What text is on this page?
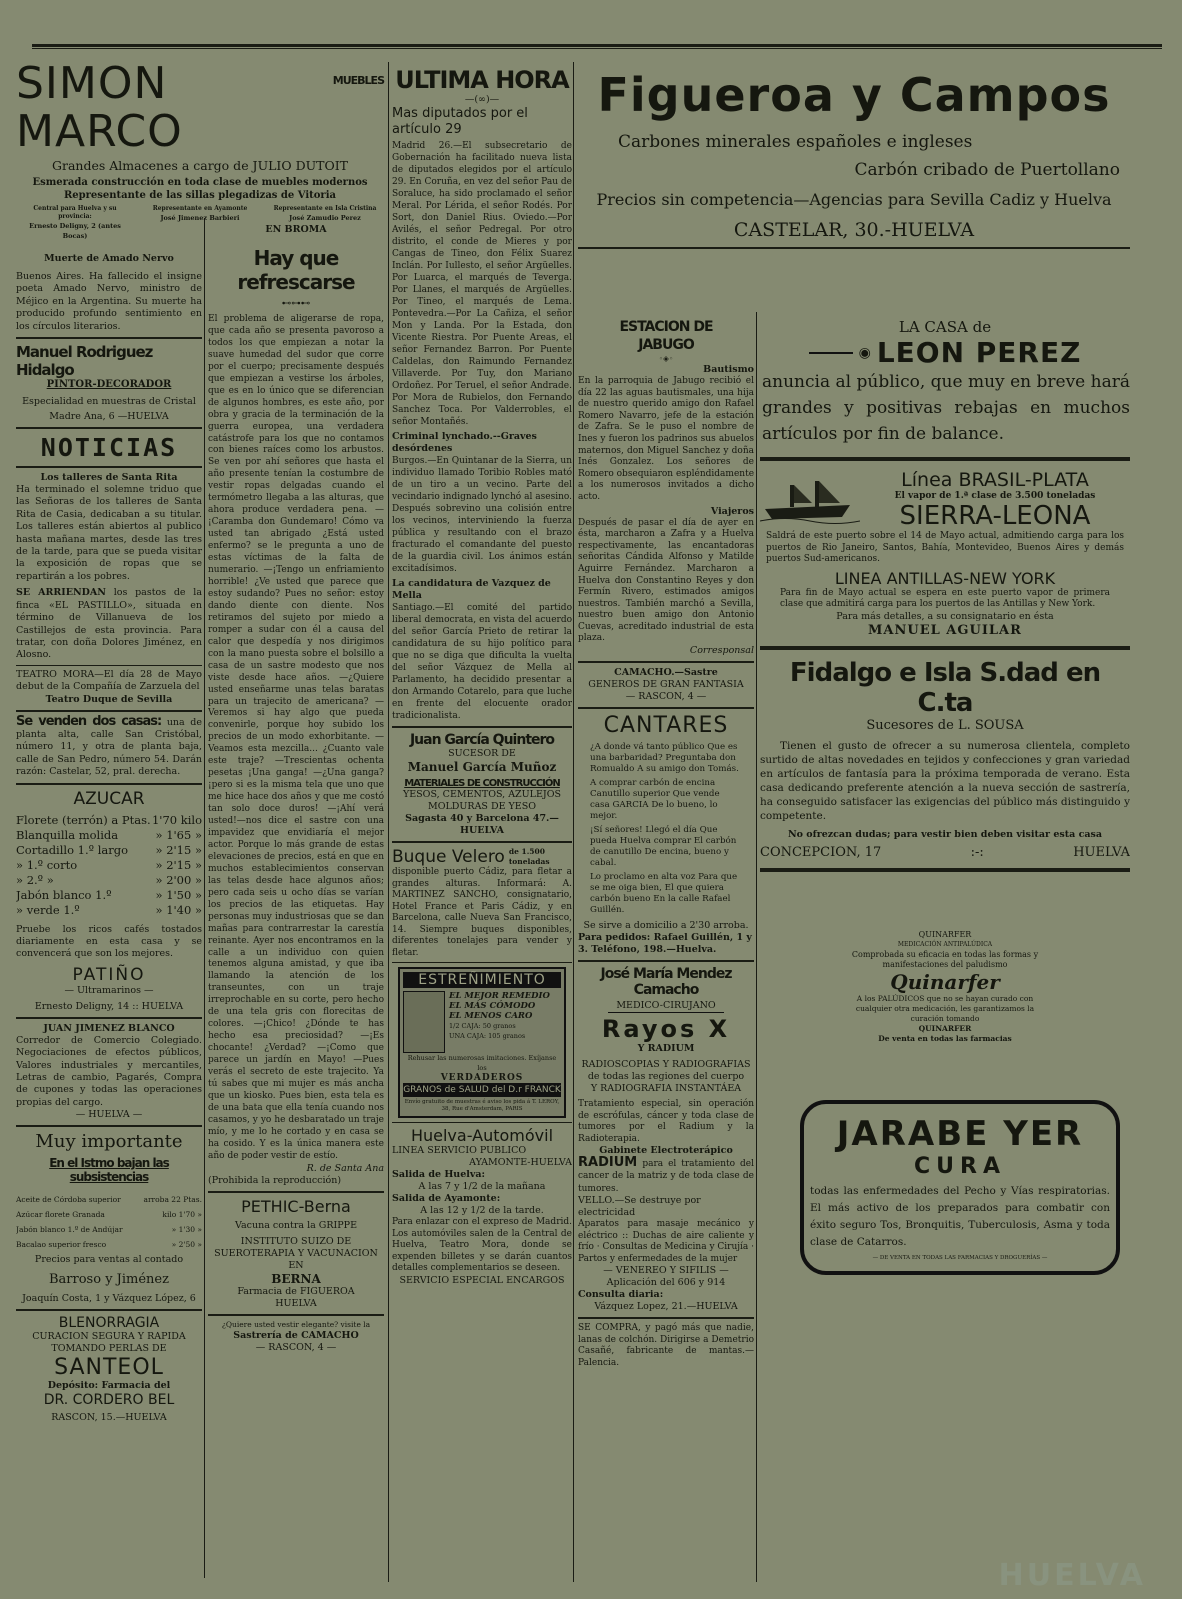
SIMON MARCO
MUEBLES
Grandes Almacenes a cargo de JULIO DUTOIT
Esmerada construcción en toda clase de muebles modernos
Representante de las sillas plegadizas de Vitoria
Central para Huelva y su provincia:
Ernesto Deligny, 2 (antes Bocas)
Representante en Ayamonte
José Jimenez Barbieri
Representante en Isla Cristina
José Zamudio Perez
Muerte de Amado Nervo
Buenos Aires. Ha fallecido el insigne poeta Amado Nervo, ministro de Méjico en la Argentina. Su muerte ha producido profundo sentimiento en los círculos literarios.
Manuel Rodriguez Hidalgo
PINTOR-DECORADOR
Especialidad en muestras de Cristal
Madre Ana, 6 —HUELVA
NOTICIAS
Los talleres de Santa Rita
Ha terminado el solemne triduo que las Señoras de los talleres de Santa Rita de Casia, dedicaban a su titular. Los talleres están abiertos al publico hasta mañana martes, desde las tres de la tarde, para que se pueda visitar la exposición de ropas que se repartirán a los pobres.
SE ARRIENDAN los pastos de la finca «EL PASTILLO», situada en término de Villanueva de los Castillejos de esta provincia. Para tratar, con doña Dolores Jiménez, en Alosno.
TEATRO MORA—El día 28 de Mayo debut de la Compañía de Zarzuela del
Teatro Duque de Sevilla
Se venden dos casas: una de planta alta, calle San Cristóbal, número 11, y otra de planta baja, calle de San Pedro, número 54. Darán razón: Castelar, 52, pral. derecha.
AZUCAR
Florete (terrón) a Ptas. 1'70 kilo
Blanquilla molida	» 1'65 »
Cortadillo 1.º largo » 2'15 »
» 1.º corto	» 2'15 »
» 2.º »	» 2'00 »
Jabón blanco 1.º	» 1'50 »
» verde 1.º	» 1'40 »
Pruebe los ricos cafés tostados diariamente en esta casa y se convencerá que son los mejores.
PATIÑO
— Ultramarinos —
Ernesto Deligny, 14 :: HUELVA
JUAN JIMENEZ BLANCO
Corredor de Comercio Colegiado. Negociaciones de efectos públicos, Valores industriales y mercantiles, Letras de cambio, Pagarés, Compra de cupones y todas las operaciones propias del cargo.
— HUELVA —
Muy importante
En el Istmo bajan las subsistencias
Aceite de Córdoba superior	arroba 22 Ptas.
Azúcar florete Granada	kilo 1'70 »
Jabón blanco 1.º de Andújar	» 1'30 »
Bacalao superior fresco	» 2'50 »
Precios para ventas al contado
Barroso y Jiménez
Joaquín Costa, 1 y Vázquez López, 6
BLENORRAGIA
CURACION SEGURA Y RAPIDA
TOMANDO PERLAS DE
SANTEOL
Depósito: Farmacia del
DR. CORDERO BEL
RASCON, 15.—HUELVA
EN BROMA
Hay que refrescarse
⊷⊶⊷
El problema de aligerarse de ropa, que cada año se presenta pavoroso a todos los que empiezan a notar la suave humedad del sudor que corre por el cuerpo; precisamente después que empiezan a vestirse los árboles, que es en lo único que se diferencian de algunos hombres, es este año, por obra y gracia de la terminación de la guerra europea, una verdadera catástrofe para los que no contamos con bienes raíces como los arbustos. Se ven por ahí señores que hasta el año presente tenían la costumbre de vestir ropas delgadas cuando el termómetro llegaba a las alturas, que ahora produce verdadera pena. —¡Caramba don Gundemaro! Cómo va usted tan abrigado ¿Está usted enfermo? se le pregunta a uno de estas víctimas de la falta de numerario. —¡Tengo un enfriamiento horrible! ¿Ve usted que parece que estoy sudando? Pues no señor: estoy dando diente con diente. Nos retiramos del sujeto por miedo a romper a sudar con él a causa del calor que despedía y nos dirigimos con la mano puesta sobre el bolsillo a casa de un sastre modesto que nos viste desde hace años. —¿Quiere usted enseñarme unas telas baratas para un trajecito de americana? —Veremos si hay algo que pueda convenirle, porque hoy subido los precios de un modo exhorbitante. —Veamos esta mezcilla... ¿Cuanto vale este traje? —Trescientas ochenta pesetas ¡Una ganga! —¿Una ganga? ¡pero si es la misma tela que uno que me hice hace dos años y que me costó tan solo doce duros! —¡Ahí verá usted!—nos dice el sastre con una impavidez que envidiaría el mejor actor. Porque lo más grande de estas elevaciones de precios, está en que en muchos establecimientos conservan las telas desde hace algunos años; pero cada seis u ocho días se varían los precios de las etiquetas. Hay personas muy industriosas que se dan mañas para contrarrestar la carestía reinante. Ayer nos encontramos en la calle a un individuo con quien tenemos alguna amistad, y que iba llamando la atención de los transeuntes, con un traje irreprochable en su corte, pero hecho de una tela gris con florecitas de colores. —¡Chico! ¿Dónde te has hecho esa preciosidad? —¡Es chocante! ¿Verdad? —¡Como que parece un jardín en Mayo! —Pues verás el secreto de este trajecito. Ya tú sabes que mi mujer es más ancha que un kiosko. Pues bien, esta tela es de una bata que ella tenía cuando nos casamos, y yo he desbaratado un traje mío, y me lo he cortado y en casa se ha cosido. Y es la única manera este año de poder vestir de estío.
R. de Santa Ana
(Prohibida la reproducción)
PETHIC-Berna
Vacuna contra la GRIPPE
INSTITUTO SUIZO DE SUEROTERAPIA Y VACUNACION EN
BERNA
Farmacia de FIGUEROA
HUELVA
¿Quiere usted vestir elegante? visite la
Sastrería de CAMACHO
— RASCON, 4 —
ULTIMA HORA
—(∞)—
Mas diputados por el artículo 29
Madrid 26.—El subsecretario de Gobernación ha facilitado nueva lista de diputados elegidos por el artículo 29. En Coruña, en vez del señor Pau de Soraluce, ha sido proclamado el señor Meral. Por Lérida, el señor Rodés. Por Sort, don Daniel Rius. Oviedo.—Por Avilés, el señor Pedregal. Por otro distrito, el conde de Mieres y por Cangas de Tineo, don Félix Suarez Inclán. Por Iullesto, el señor Argüelles. Por Luarca, el marqués de Teverga. Por Llanes, el marqués de Argüelles. Por Tineo, el marqués de Lema. Pontevedra.—Por La Cañiza, el señor Mon y Landa. Por la Estada, don Vicente Riestra. Por Puente Areas, el señor Fernandez Barron. Por Puente Caldelas, don Raimundo Fernandez Villaverde. Por Tuy, don Mariano Ordoñez. Por Teruel, el señor Andrade. Por Mora de Rubielos, don Fernando Sanchez Toca. Por Valderrobles, el señor Montañés.
Criminal lynchado.--Graves desórdenes
Burgos.—En Quintanar de la Sierra, un individuo llamado Toribio Robles mató de un tiro a un vecino. Parte del vecindario indignado lynchó al asesino. Después sobrevino una colisión entre los vecinos, interviniendo la fuerza pública y resultando con el brazo fracturado el comandante del puesto de la guardia civil. Los ánimos están excitadísimos.
La candidatura de Vazquez de Mella
Santiago.—El comité del partido liberal democrata, en vista del acuerdo del señor García Prieto de retirar la candidatura de su hijo político para que no se diga que dificulta la vuelta del señor Vázquez de Mella al Parlamento, ha decidido presentar a don Armando Cotarelo, para que luche en frente del elocuente orador tradicionalista.
Juan García Quintero
SUCESOR DE
Manuel García Muñoz
MATERIALES DE CONSTRUCCIÓN
YESOS, CEMENTOS, AZULEJOS
MOLDURAS DE YESO
Sagasta 40 y Barcelona 47.—HUELVA
Buque Velero de 1.500 toneladas
disponible puerto Cádiz, para fletar a grandes alturas. Informará: A. MARTINEZ SANCHO, consignatario, Hotel France et Paris Cádiz, y en Barcelona, calle Nueva San Francisco, 14. Siempre buques disponibles, diferentes tonelajes para vender y fletar.
ESTREÑIMIENTO
EL MEJOR REMEDIO
EL MÁS CÓMODO
EL MENOS CARO
1/2 CAJA: 50 granos
UNA CAJA: 105 granos
Rehusar las numerosas imitaciones. Exíjanse los
VERDADEROS
GRANOS de SALUD del D.r FRANCK
Envío gratuito de muestras é aviso los pida á T. LEROY, 38, Rue d'Amsterdam, PARIS
Huelva-Automóvil
LINEA SERVICIO PUBLICO
AYAMONTE-HUELVA
Salida de Huelva:
A las 7 y 1/2 de la mañana
Salida de Ayamonte:
A las 12 y 1/2 de la tarde.
Para enlazar con el expreso de Madrid. Los automóviles salen de la Central de Huelva, Teatro Mora, donde se expenden billetes y se darán cuantos detalles complementarios se deseen.
SERVICIO ESPECIAL ENCARGOS
Figueroa y Campos
Carbones minerales españoles e ingleses
Carbón cribado de Puertollano
Precios sin competencia—Agencias para Sevilla Cadiz y Huelva
CASTELAR, 30.-HUELVA
ESTACION DE JABUGO
◦◈◦
Bautismo
En la parroquia de Jabugo recibió el día 22 las aguas bautismales, una hija de nuestro querido amigo don Rafael Romero Navarro, jefe de la estación de Zafra. Se le puso el nombre de Ines y fueron los padrinos sus abuelos maternos, don Miguel Sanchez y doña Inés Gonzalez. Los señores de Romero obsequiaron espléndidamente a los numerosos invitados a dicho acto.
Viajeros
Después de pasar el día de ayer en ésta, marcharon a Zafra y a Huelva respectivamente, las encantadoras señoritas Cándida Alfonso y Matilde Aguirre Fernández. Marcharon a Huelva don Constantino Reyes y don Fermín Rivero, estimados amigos nuestros. También marchó a Sevilla, nuestro buen amigo don Antonio Cuevas, acreditado industrial de esta plaza.
Corresponsal
CAMACHO.—Sastre
GENEROS DE GRAN FANTASIA
— RASCON, 4 —
CANTARES
¿A donde vá tanto público Que es una barbaridad? Preguntaba don Romualdo A su amigo don Tomás.
A comprar carbón de encina Canutillo superior Que vende casa GARCIA De lo bueno, lo mejor.
¡Sí señores! Llegó el día Que pueda Huelva comprar El carbón de canutillo De encina, bueno y cabal.
Lo proclamo en alta voz Para que se me oiga bien, El que quiera carbón bueno En la calle Rafael Guillén.
Se sirve a domicilio a 2'30 arroba.
Para pedidos: Rafael Guillén, 1 y 3. Teléfono, 198.—Huelva.
José María Mendez Camacho
MEDICO-CIRUJANO
Rayos X
Y RADIUM
RADIOSCOPIAS Y RADIOGRAFIAS
de todas las regiones del cuerpo
Y RADIOGRAFIA INSTANTÁEA
Tratamiento especial, sin operación de escrófulas, cáncer y toda clase de tumores por el Radium y la Radioterapia.
Gabinete Electroterápico
RADIUM para el tratamiento del cancer de la matriz y de toda clase de tumores.
VELLO.—Se destruye por electricidad
Aparatos para masaje mecánico y eléctrico :: Duchas de aire caliente y frío · Consultas de Medicina y Cirujía · Partos y enfermedades de la mujer
— VENEREO Y SIFILIS —
Aplicación del 606 y 914
Consulta diaria:
Vázquez Lopez, 21.—HUELVA
SE COMPRA, y pagó más que nadie, lanas de colchón. Dirigirse a Demetrio Casañé, fabricante de mantas.—Palencia.
LA CASA de
◉ LEON PEREZ
anuncia al público, que muy en breve hará grandes y positivas rebajas en muchos artículos por fin de balance.
Línea BRASIL-PLATA
El vapor de 1.ª clase de 3.500 toneladas
SIERRA-LEONA
Saldrá de este puerto sobre el 14 de Mayo actual, admitiendo carga para los puertos de Rio Janeiro, Santos, Bahía, Montevideo, Buenos Aires y demás puertos Sud-americanos.
LINEA ANTILLAS-NEW YORK
Para fin de Mayo actual se espera en este puerto vapor de primera clase que admitirá carga para los puertos de las Antillas y New York.
Para más detalles, a su consignatario en ésta
MANUEL AGUILAR
Fidalgo e Isla S.dad en C.ta
Sucesores de L. SOUSA
Tienen el gusto de ofrecer a su numerosa clientela, completo surtido de altas novedades en tejidos y confecciones y gran variedad en artículos de fantasía para la próxima temporada de verano. Esta casa dedicando preferente atención a la nueva sección de sastrería, ha conseguido satisfacer las exigencias del público más distinguido y competente.
No ofrezcan dudas; para vestir bien deben visitar esta casa
CONCEPCION, 17	:-:	HUELVA
QUINARFER
MEDICACIÓN ANTIPALÚDICA
Comprobada su eficacia en todas las formas y manifestaciones del paludismo
Quinarfer
A los PALÚDICOS que no se hayan curado con cualquier otra medicación, les garantizamos la curación tomando
QUINARFER
De venta en todas las farmacias
JARABE YER
CURA
todas las enfermedades del Pecho y Vías respiratorias. El más activo de los preparados para combatir con éxito seguro Tos, Bronquitis, Tuberculosis, Asma y toda clase de Catarros.
— DE VENTA EN TODAS LAS FARMACIAS Y DROGUERÍAS —
HUELVA
